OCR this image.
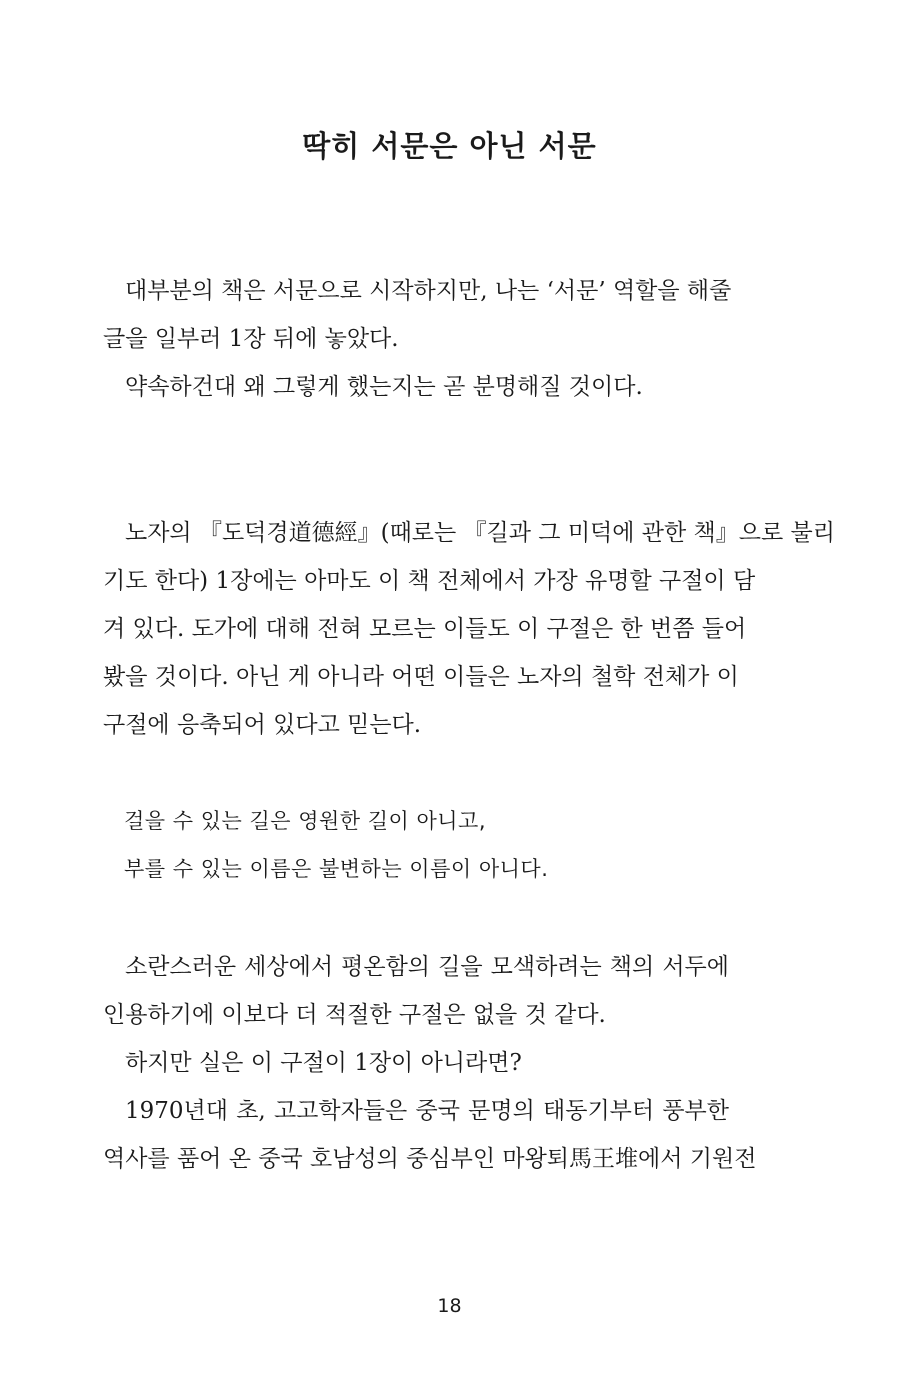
딱히 서문은 아닌 서문

대부분의 책은 서문으로 시작하지만, 나는 ‘서문’ 역할을 해줄

글을 일부러 1장 뒤에 놓았다.

약속하건대 왜 그렇게 했는지는 곧 분명해질 것이다.

노자의 『도덕경道德經』(때로는 『길과 그 미덕에 관한 책』으로 불리

기도 한다) 1장에는 아마도 이 책 전체에서 가장 유명할 구절이 담

겨 있다. 도가에 대해 전혀 모르는 이들도 이 구절은 한 번쯤 들어

봤을 것이다. 아닌 게 아니라 어떤 이들은 노자의 철학 전체가 이

구절에 응축되어 있다고 믿는다.

걸을 수 있는 길은 영원한 길이 아니고,

부를 수 있는 이름은 불변하는 이름이 아니다.

소란스러운 세상에서 평온함의 길을 모색하려는 책의 서두에

인용하기에 이보다 더 적절한 구절은 없을 것 같다.

하지만 실은 이 구절이 1장이 아니라면?

1970년대 초, 고고학자들은 중국 문명의 태동기부터 풍부한

역사를 품어 온 중국 호남성의 중심부인 마왕퇴馬王堆에서 기원전

18
